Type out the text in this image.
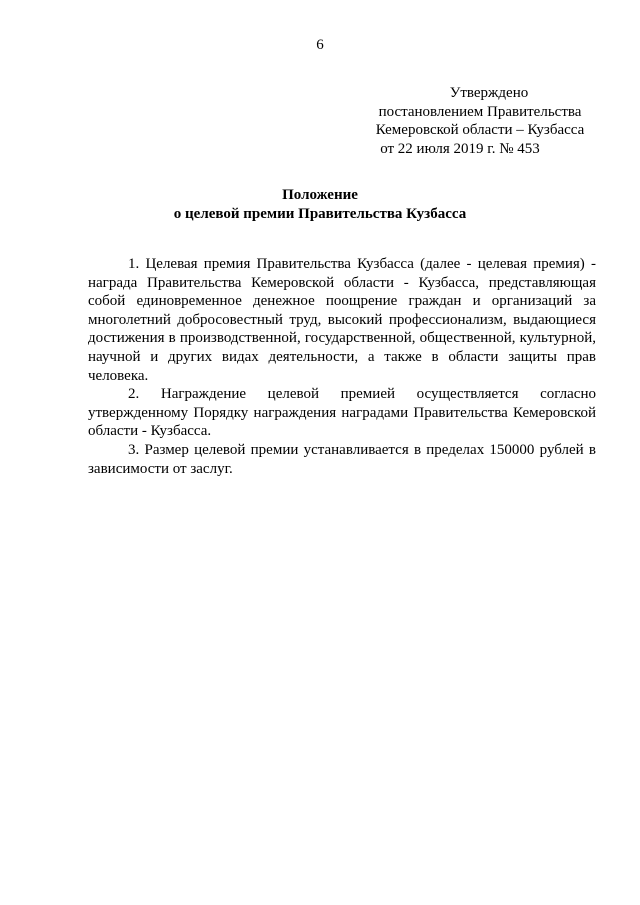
6
Утверждено
постановлением Правительства
Кемеровской области – Кузбасса
от 22 июля 2019 г. № 453
Положение
о целевой премии Правительства Кузбасса

1. Целевая премия Правительства Кузбасса (далее - целевая премия) - награда Правительства Кемеровской области - Кузбасса, представляющая собой единовременное денежное поощрение граждан и организаций за многолетний добросовестный труд, высокий профессионализм, выдающиеся достижения в производственной, государственной, общественной, культурной, научной и других видах деятельности, а также в области защиты прав человека.

2. Награждение целевой премией осуществляется согласно утвержденному Порядку награждения наградами Правительства Кемеровской области - Кузбасса.

3. Размер целевой премии устанавливается в пределах 150000 рублей в зависимости от заслуг.
